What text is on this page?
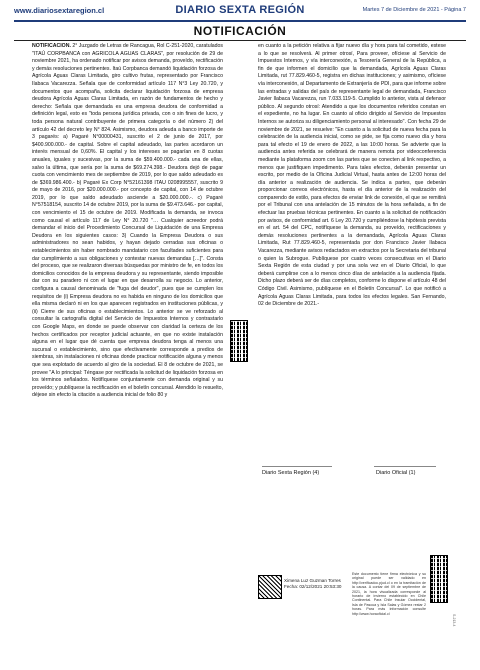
www.diariosextaregion.cl	DIARIO SEXTA REGIÓN	Martes 7 de Diciembre de 2021 - Página 7
NOTIFICACIÓN
NOTIFICACIÓN. 2° Juzgado de Letras de Rancagua, Rol C-251-2020, caratulados "ITAÚ CORPBANCA con AGRICOLA AGUAS CLARAS", por resolución de 29 de noviembre 2021, ha ordenado notificar por avisos demanda, proveído, rectificación y demás resoluciones pertinentes. Itaú Corpbanca demandó liquidación forzosa de Agrícola Aguas Claras Limitada, giro cultivo frutas, representado por Francisco Ilabaca Vacarezza. Señala que de conformidad artículo 117 N°3 Ley 20.720, y documentos que acompaña, solicita declarar liquidación forzosa de empresa deudora Agrícola Aguas Claras Limitada, en razón de fundamentos de hecho y derecho: Señala que demandada es una empresa deudora de conformidad a definición legal, esto es "toda persona jurídica privada, con o sin fines de lucro, y toda persona natural contribuyente de primera categoría o del número 2) del artículo 42 del decreto ley N° 824. Asimismo, deudora adeuda a banco importe de 3 pagarés: a) Pagaré N°00000431, suscrito el 2 de junio de 2017, por $400.900.000.- de capital. Sobre el capital adeudado, las partes acordaron un interés mensual de 0,60%. El capital y los intereses se pagarían en 8 cuotas anuales, iguales y sucesivas, por la suma de $59.400.000.- cada una de ellas, salvo la última, que sería por la suma de $69.274.398.- Deudora dejó de pagar cuota con vencimiento mes de septiembre de 2019, por lo que saldo adeudado es de $369.986.400.- b) Pagaré Ex Corp N°52161398 ITAU 0208995557, suscrito 9 de mayo de 2016, por $20.000.000.- por concepto de capital, con 14 de octubre 2019, por lo que saldo adeudado asciende a $20.000.000.-. c) Pagaré N°57518154, suscrito 14 de octubre 2019, por la suma de $9.473.646.- por capital, con vencimiento el 15 de octubre de 2019. Modificada la demanda, se invoca como causal el artículo 117 de Ley N° 20.720 "… Cualquier acreedor podrá demandar el inicio del Procedimiento Concursal de Liquidación de una Empresa Deudora en los siguientes casos: 3) Cuando la Empresa Deudora o sus administradores no sean habidos, y hayan dejado cerradas sus oficinas o establecimientos sin haber nombrado mandatario con facultades suficientes para dar cumplimiento a sus obligaciones y contestar nuevas demandas […]". Consta del proceso, que se realizaron diversas búsquedas por ministro de fe, en todos los domicilios conocidos de la empresa deudora y su representante, siendo imposible dar con su paradero ni con el lugar en que desarrolla su negocio. Lo anterior, configura a causal denominada de "fuga del deudor", pues que se cumplen los requisitos de (i) Empresa deudora no es habida en ninguno de los domicilios que ella misma declaró ni en los que aparecen registrados en instituciones públicas, y (ii) Cierre de sus oficinas o establecimientos. Lo anterior se ve reforzado al consultar la cartografía digital del Servicio de Impuestos Internos y contrastarlo con Google Maps, en donde se puede observar con claridad la certeza de los hechos certificados por receptor judicial actuante, en que no existe instalación alguna en el lugar que dé cuenta que empresa deudora tenga al menos una sucursal o establecimiento, sino que efectivamente corresponde a predios de siembras, sin instalaciones ni oficinas donde practicar notificación alguna y menos que sea explotado de acuerdo al giro de la sociedad. El 8 de octubre de 2021, se provee "A lo principal: Téngase por rectificada la solicitud de liquidación forzosa en los términos señalados. Notifíquese conjuntamente con demanda original y su proveído; y publíquese la rectificación en el boletín concursal. Atendido lo resuelto, déjese sin efecto la citación a audiencia inicial de folio 80 y
en cuanto a la petición relativa a fijar nuevo día y hora para tal cometido, estese a lo que se resolverá. Al primer otrosí, Para proveer, ofíciese al Servicio de Impuestos Internos, y vía interconexión, a Tesorería General de la República, a fin de que informen el domicilio que la demandada, Agrícola Aguas Claras Limitada, rut 77.829.460-5, registra en dichas instituciones; y asimismo, ofíciese vía interconexión, al Departamento de Extranjería de PDI, para que informe sobre las entradas y salidas del país de representante legal de demandada, Francisco Javier Ilabaca Vacarezza, run 7.033.119-5. Cumplido lo anterior, vista al defensor público. Al segundo otrosí: Atendido a que los documentos referidos constan en el expediente, no ha lugar. En cuanto al oficio dirigido al Servicio de Impuestos Internos se autoriza su diligenciamiento personal al interesado". Con fecha 29 de noviembre de 2021, se resuelve: "En cuanto a la solicitud de nueva fecha para la celebración de la audiencia inicial, como se pide, se fija como nuevo día y hora para tal efecto el 19 de enero de 2022, a las 10:00 horas. Se advierte que la audiencia antes referida se celebrará de manera remota por videoconferencia mediante la plataforma zoom con las partes que se conecten al link respectivo, a menos que justifiquen impedimento. Para tales efectos, deberán presentar un escrito, por medio de la Oficina Judicial Virtual, hasta antes de 12:00 horas del día anterior a realización de audiencia. Se indica a partes, que deberán proporcionar correos electrónicos, hasta el día anterior de la realización del comparendo de estilo, para efectos de enviar link de conexión, el que se remitirá por el Tribunal con una antelación de 15 minutos de la hora señalada, a fin de efectuar las pruebas técnicas pertinentes. En cuanto a la solicitud de notificación por avisos, de conformidad art. 6 Ley 20.720 y cumpliéndose la hipótesis prevista en el art. 54 del CPC, notifíquese la demanda, su proveído, rectificaciones y demás resoluciones pertinentes a la demandada, Agrícola Aguas Claras Limitada, Rut 77.829.460-5, representada por don Francisco Javier Ilabaca Vacarezza, mediante avisos redactados en extractos por la Secretaria del tribunal o quien la Subrogue. Publíquese por cuatro veces consecutivas en el Diario Sexta Región de esta ciudad y por una sola vez en el Diario Oficial, lo que deberá cumplirse con a lo menos cinco días de antelación a la audiencia fijada. Dicho plazo deberá ser de días completos, conforme lo dispone el artículo 48 del Código Civil. Asimismo, publíquese en el Boletín Concursal". Lo que notificó a Agrícola Aguas Claras Limitada, para todos los efectos legales. San Fernando, 02 de Diciembre de 2021.-
Diario Sexta Región (4)	Diario Oficial (1)
Ximena Luz Guzman Torres
Fecha: 02/12/2021 20:53:30
Este documento tiene firma electrónica y su original puede ser validado en http://verificadoc.pjud.cl o en la tramitación de la causa. A contar del 09 de septiembre de 2021, la hora visualizada corresponde al horario de invierno establecido en Chile Continental. Para Chile Insular Occidental, Isla de Pascua y Isla Salas y Gómez restar 2 horas. Para más información consulte http://www.horaoficial.cl
S-213-4
